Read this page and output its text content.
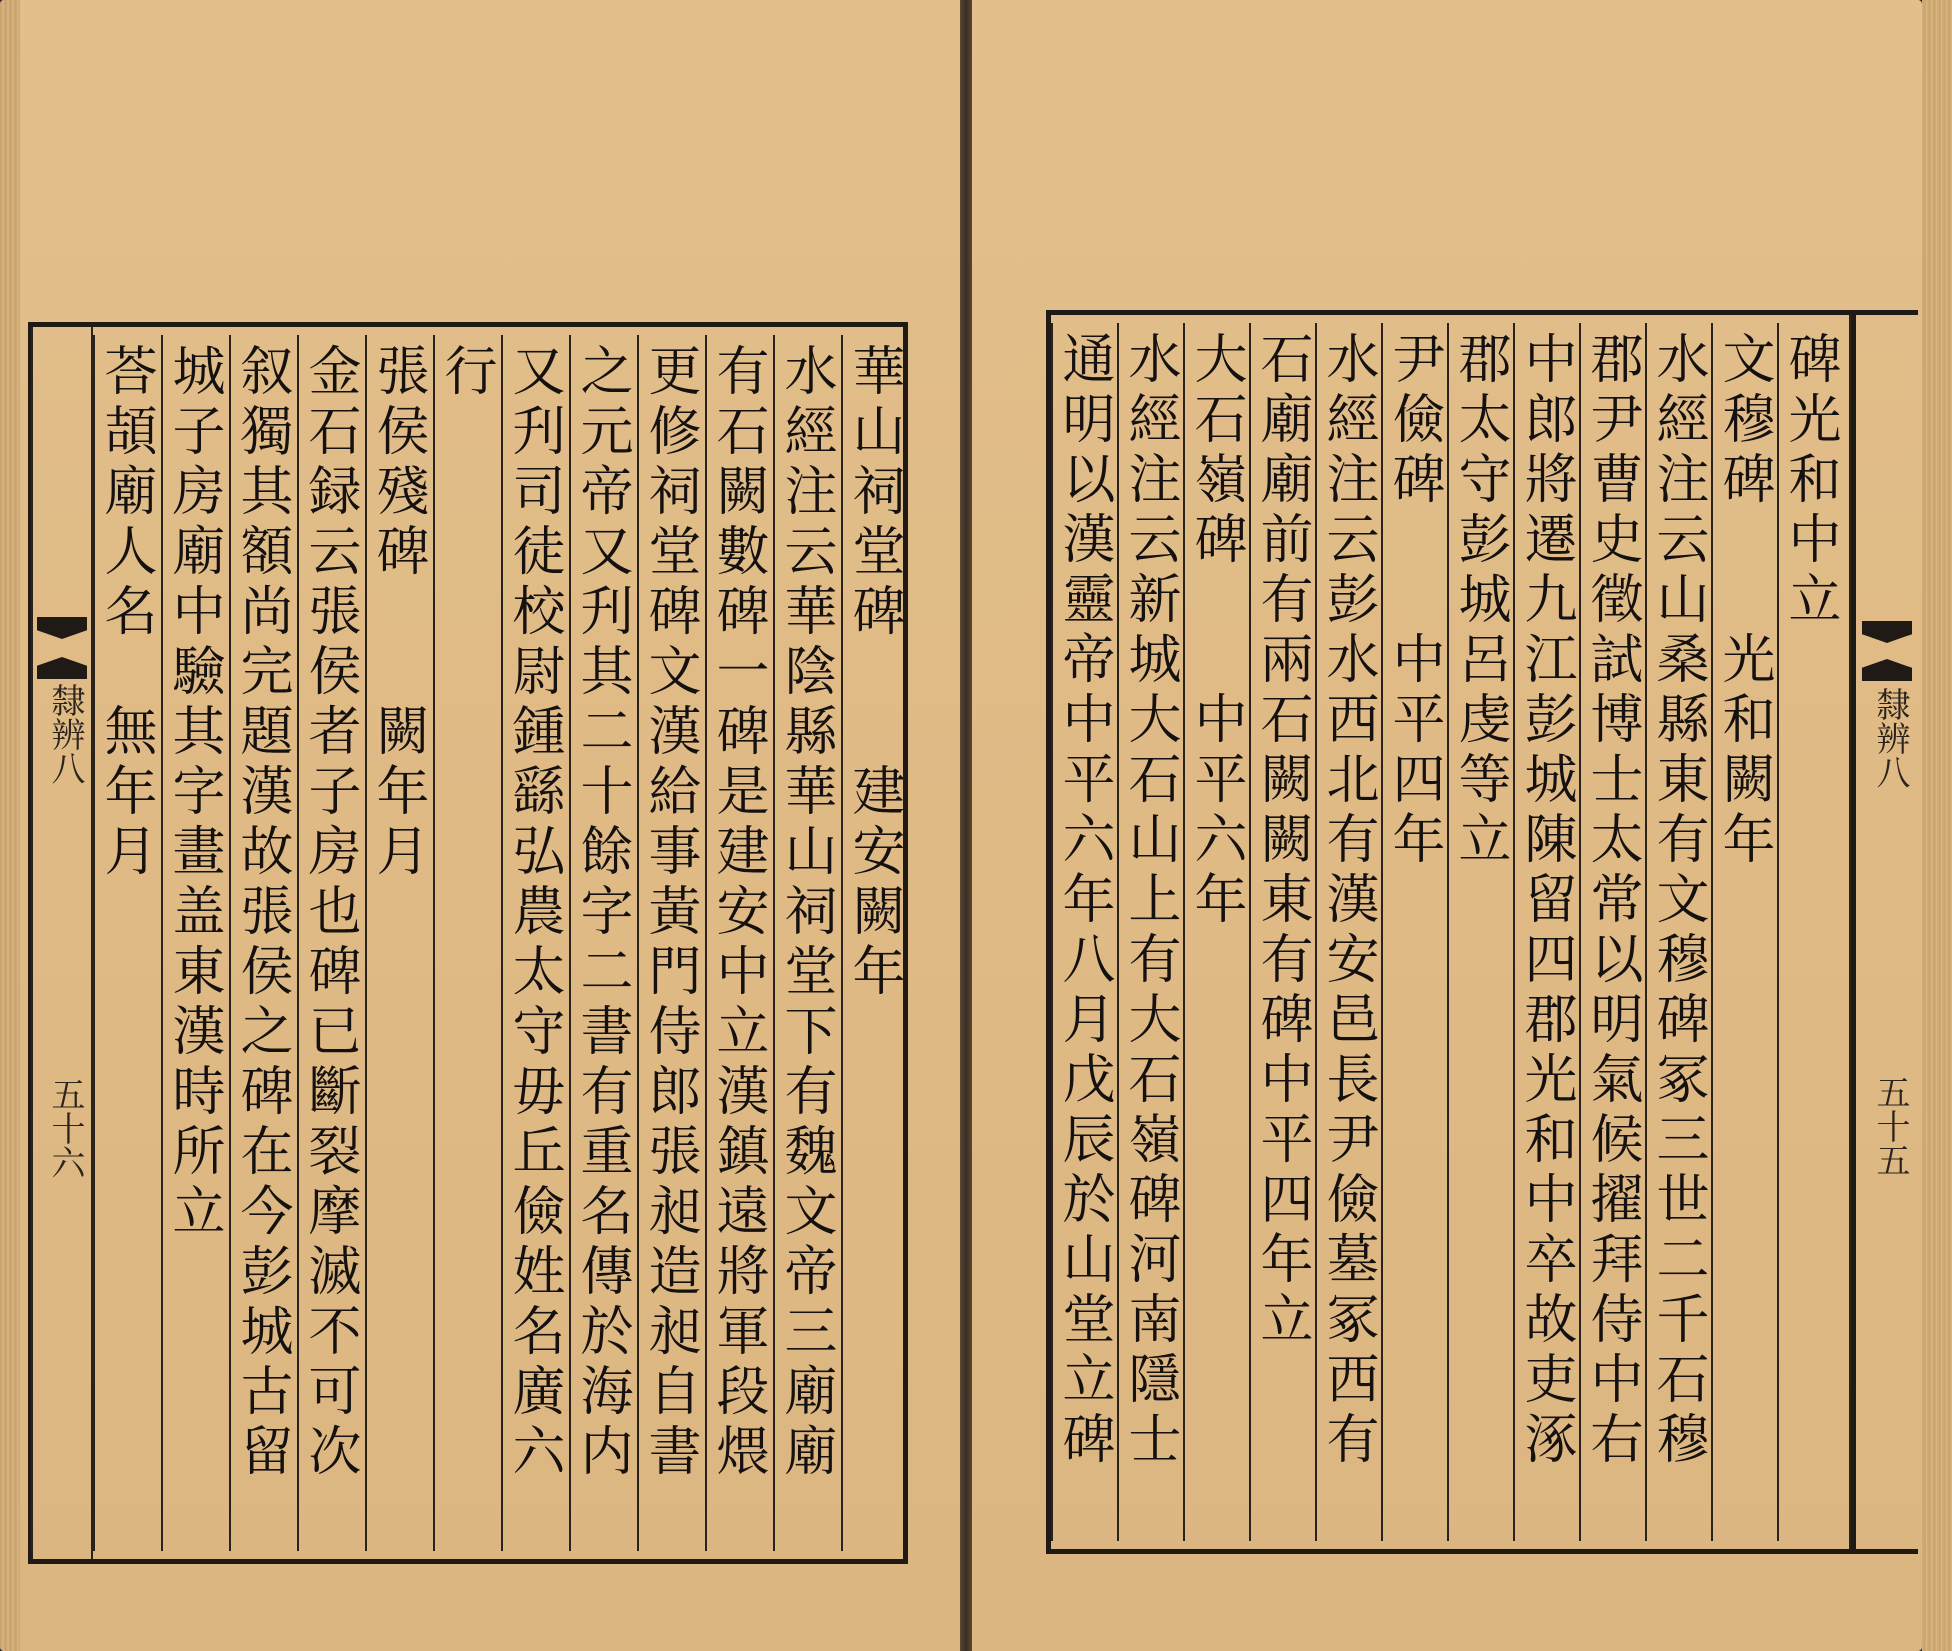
隸辨八
五十六
荅頡廟人名　無年月 城子房廟中驗其字畫盖東漢時所立 叙獨其額尚完題漢故張侯之碑在今彭城古留 金石録云張侯者子房也碑已斷裂摩滅不可次 張侯殘碑　　闕年月 行 又刋司徒校尉鍾繇弘農太守毋丘儉姓名廣六 之元帝又刋其二十餘字二書有重名傳於海内 更修祠堂碑文漢給事黃門侍郎張昶造昶自書 有石闕數碑一碑是建安中立漢鎮遠將軍段煨 水經注云華陰縣華山祠堂下有魏文帝三廟廟 華山祠堂碑　　建安闕年	通明以漢靈帝中平六年八月戊辰於山堂立碑 水經注云新城大石山上有大石嶺碑河南隱士 大石嶺碑　　中平六年 石廟廟前有兩石闕闕東有碑中平四年立 水經注云彭水西北有漢安邑長尹儉墓冢西有 尹儉碑　　中平四年 郡太守彭城呂虔等立 中郎將遷九江彭城陳留四郡光和中卒故吏涿 郡尹曹史徵試博士太常以明氣候擢拜侍中右 水經注云山桑縣東有文穆碑冢三世二千石穆 文穆碑　　光和闕年 碑光和中立
隸辨八
五十五
